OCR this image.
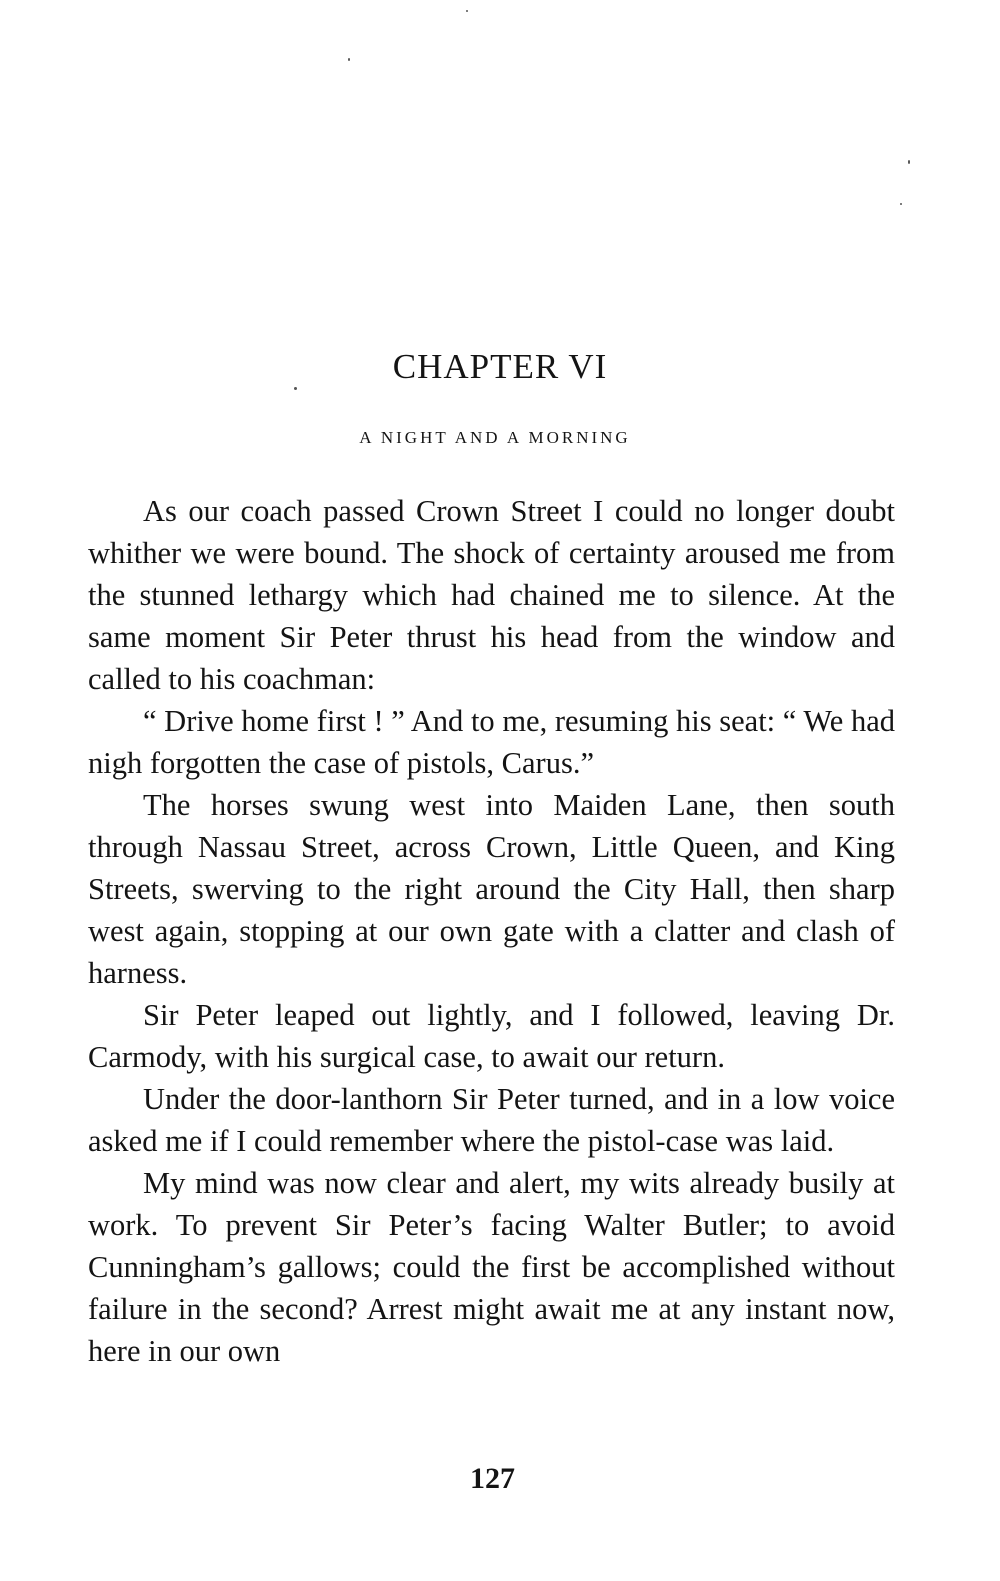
CHAPTER VI
A NIGHT AND A MORNING

As our coach passed Crown Street I could no longer doubt whither we were bound. The shock of certainty aroused me from the stunned lethargy which had chained me to silence. At the same moment Sir Peter thrust his head from the window and called to his coachman:

“ Drive home first ! ” And to me, resuming his seat: “ We had nigh forgotten the case of pistols, Carus.”

The horses swung west into Maiden Lane, then south through Nassau Street, across Crown, Little Queen, and King Streets, swerving to the right around the City Hall, then sharp west again, stopping at our own gate with a clatter and clash of harness.

Sir Peter leaped out lightly, and I followed, leaving Dr. Carmody, with his surgical case, to await our return.

Under the door-lanthorn Sir Peter turned, and in a low voice asked me if I could remember where the pistol-case was laid.

My mind was now clear and alert, my wits already busily at work. To prevent Sir Peter’s facing Walter Butler; to avoid Cunningham’s gallows; could the first be accomplished without failure in the second? Arrest might await me at any instant now, here in our own

127
